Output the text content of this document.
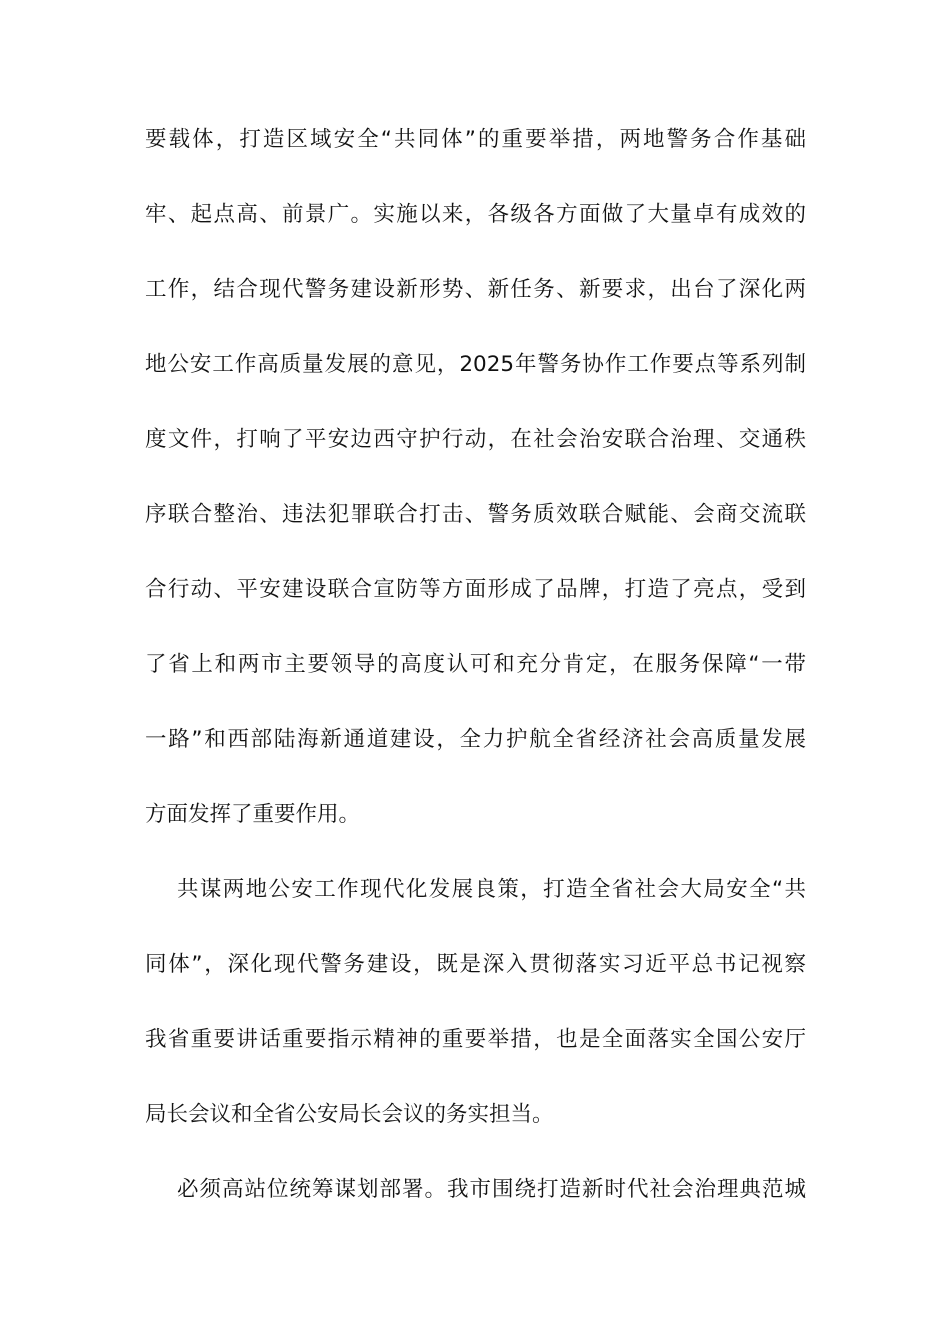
要载体，打造区域安全“共同体”的重要举措，两地警务合作基础
牢、起点高、前景广。实施以来，各级各方面做了大量卓有成效的
工作，结合现代警务建设新形势、新任务、新要求，出台了深化两
地公安工作高质量发展的意见，2025年警务协作工作要点等系列制
度文件，打响了平安边西守护行动，在社会治安联合治理、交通秩
序联合整治、违法犯罪联合打击、警务质效联合赋能、会商交流联
合行动、平安建设联合宣防等方面形成了品牌，打造了亮点，受到
了省上和两市主要领导的高度认可和充分肯定，在服务保障“一带
一路”和西部陆海新通道建设，全力护航全省经济社会高质量发展
方面发挥了重要作用。
共谋两地公安工作现代化发展良策，打造全省社会大局安全“共
同体”，深化现代警务建设，既是深入贯彻落实习近平总书记视察
我省重要讲话重要指示精神的重要举措，也是全面落实全国公安厅
局长会议和全省公安局长会议的务实担当。
必须高站位统筹谋划部署。我市围绕打造新时代社会治理典范城
